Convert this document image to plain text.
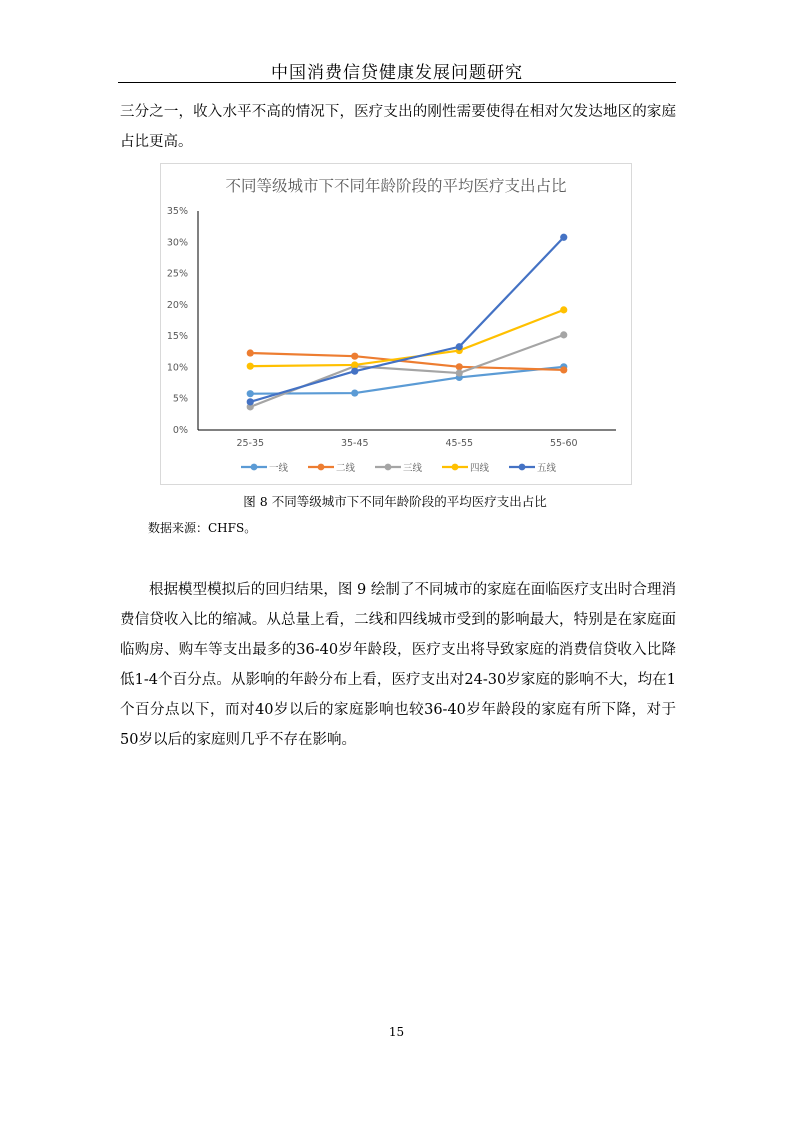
中国消费信贷健康发展问题研究
三分之一，收入水平不高的情况下，医疗支出的刚性需要使得在相对欠发达地区的家庭占比更高。
不同等级城市下不同年龄阶段的平均医疗支出占比
0%
5%
10%
15%
20%
25%
30%
35%
25-35	35-45	45-55	55-60
一线	二线	三线	四线	五线
图 8 不同等级城市下不同年龄阶段的平均医疗支出占比
数据来源：CHFS。
根据模型模拟后的回归结果，图 9 绘制了不同城市的家庭在面临医疗支出时合理消费信贷收入比的缩减。从总量上看，二线和四线城市受到的影响最大，特别是在家庭面临购房、购车等支出最多的36-40岁年龄段，医疗支出将导致家庭的消费信贷收入比降低1-4个百分点。从影响的年龄分布上看，医疗支出对24-30岁家庭的影响不大，均在1个百分点以下，而对40岁以后的家庭影响也较36-40岁年龄段的家庭有所下降，对于50岁以后的家庭则几乎不存在影响。
15
